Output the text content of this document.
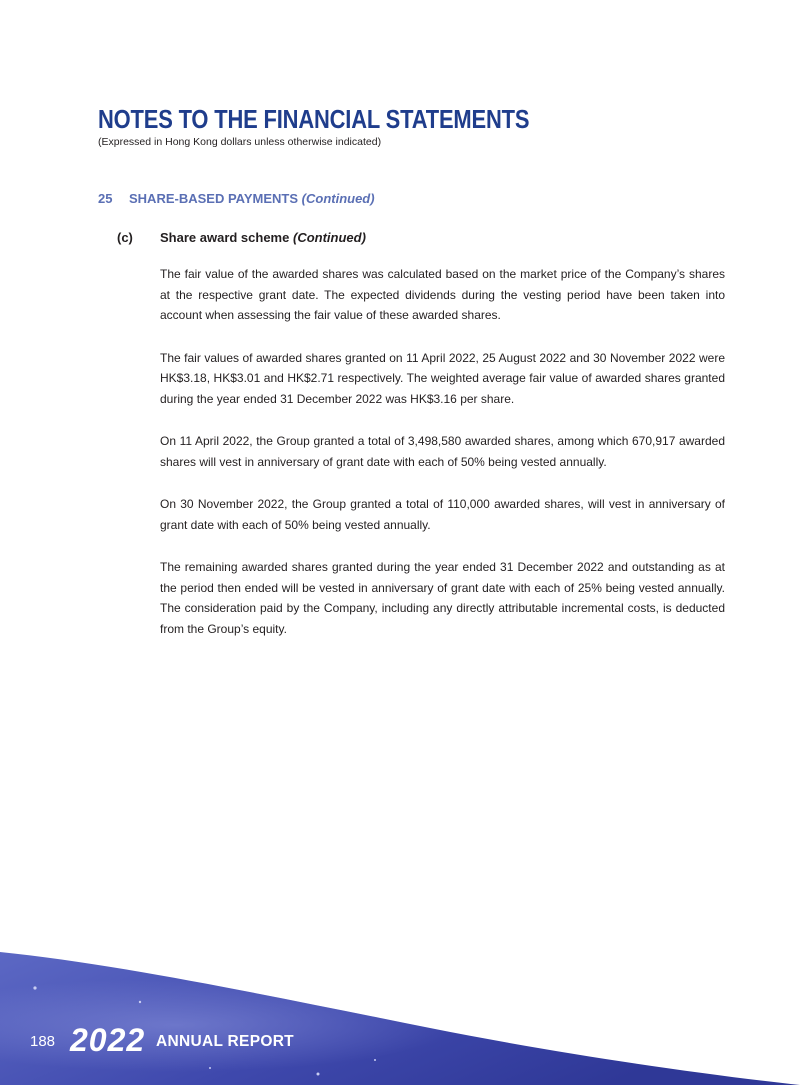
NOTES TO THE FINANCIAL STATEMENTS
(Expressed in Hong Kong dollars unless otherwise indicated)
25 SHARE-BASED PAYMENTS (Continued)
(c) Share award scheme (Continued)

The fair value of the awarded shares was calculated based on the market price of the Company’s shares at the respective grant date. The expected dividends during the vesting period have been taken into account when assessing the fair value of these awarded shares.

The fair values of awarded shares granted on 11 April 2022, 25 August 2022 and 30 November 2022 were HK$3.18, HK$3.01 and HK$2.71 respectively. The weighted average fair value of awarded shares granted during the year ended 31 December 2022 was HK$3.16 per share.

On 11 April 2022, the Group granted a total of 3,498,580 awarded shares, among which 670,917 awarded shares will vest in anniversary of grant date with each of 50% being vested annually.

On 30 November 2022, the Group granted a total of 110,000 awarded shares, will vest in anniversary of grant date with each of 50% being vested annually.

The remaining awarded shares granted during the year ended 31 December 2022 and outstanding as at the period then ended will be vested in anniversary of grant date with each of 25% being vested annually. The consideration paid by the Company, including any directly attributable incremental costs, is deducted from the Group’s equity.

188 2022 ANNUAL REPORT
